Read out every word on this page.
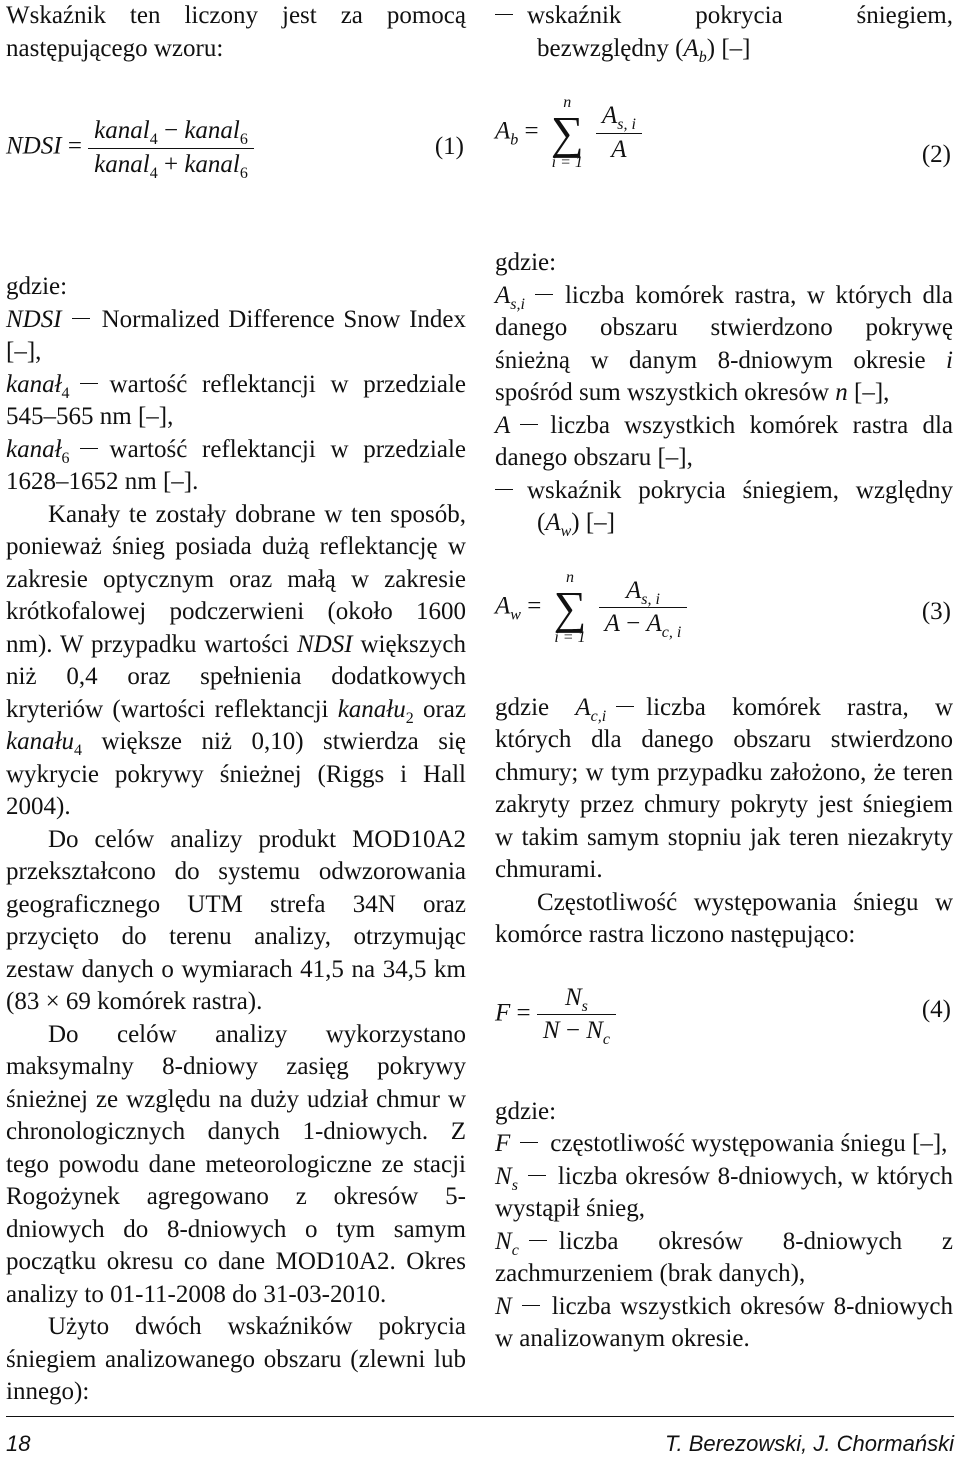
Wskaźnik ten liczony jest za pomocą następującego wzoru:

NDSI = $\frac{kanal_4 - kanal_6}{kanal_4 + kanal_6}$	(1)

gdzie:

NDSI Normalized Difference Snow Index [–],

kanał$_4$ wartość reflektancji w przedziale 545–565 nm [–],

kanał$_6$ wartość reflektancji w przedziale 1628–1652 nm [–].

Kanały te zostały dobrane w ten sposób, ponieważ śnieg posiada dużą reflektancję w zakresie optycznym oraz małą w zakresie krótkofalowej podczerwieni (około 1600 nm). W przypadku wartości NDSI większych niż 0,4 oraz spełnienia dodatkowych kryteriów (wartości reflektancji kanału$_2$ oraz kanału$_4$ większe niż 0,10) stwierdza się wykrycie pokrywy śnieżnej (Riggs i Hall 2004).

Do celów analizy produkt MOD10A2 przekształcono do systemu odwzorowania geograficznego UTM strefa 34N oraz przycięto do terenu analizy, otrzymując zestaw danych o wymiarach 41,5 na 34,5 km (83 × 69 komórek rastra).

Do celów analizy wykorzystano maksymalny 8-dniowy zasięg pokrywy śnieżnej ze względu na duży udział chmur w chronologicznych danych 1-dniowych. Z tego powodu dane meteorologiczne ze stacji Rogożynek agregowano z okresów 5-dniowych do 8-dniowych o tym samym początku okresu co dane MOD10A2. Okres analizy to 01-11-2008 do 31-03-2010.

Użyto dwóch wskaźników pokrycia śniegiem analizowanego obszaru (zlewni lub innego):

wskaźnik pokrycia śniegiem, bezwzględny $(A_b)$ [–]

$A_b$ =
n
∑
i = 1
$\frac{A_{s, i}}{A}$	(2)

gdzie:

$A_{s,i}$ liczba komórek rastra, w których dla danego obszaru stwierdzono pokrywę śnieżną w danym 8-dniowym okresie i spośród sum wszystkich okresów n [–],

A liczba wszystkich komórek rastra dla danego obszaru [–],

wskaźnik pokrycia śniegiem, względny $(A_w)$ [–]

$A_w$ =
n
∑
i = 1
$\frac{A_{s, i}}{A - A_{c, i}}$	(3)

gdzie $A_{c,i}$ liczba komórek rastra, w których dla danego obszaru stwierdzono chmury; w tym przypadku założono, że teren zakryty przez chmury pokryty jest śniegiem w takim samym stopniu jak teren niezakryty chmurami.

Częstotliwość występowania śniegu w komórce rastra liczono następująco:

$F = \frac{N_s}{N - N_c}$	(4)

gdzie:

F częstotliwość występowania śniegu [–],

$N_s$ liczba okresów 8-dniowych, w których wystąpił śnieg,

$N_c$ liczba okresów 8-dniowych z zachmurzeniem (brak danych),

N liczba wszystkich okresów 8-dniowych w analizowanym okresie.

18	T. Berezowski, J. Chormański
